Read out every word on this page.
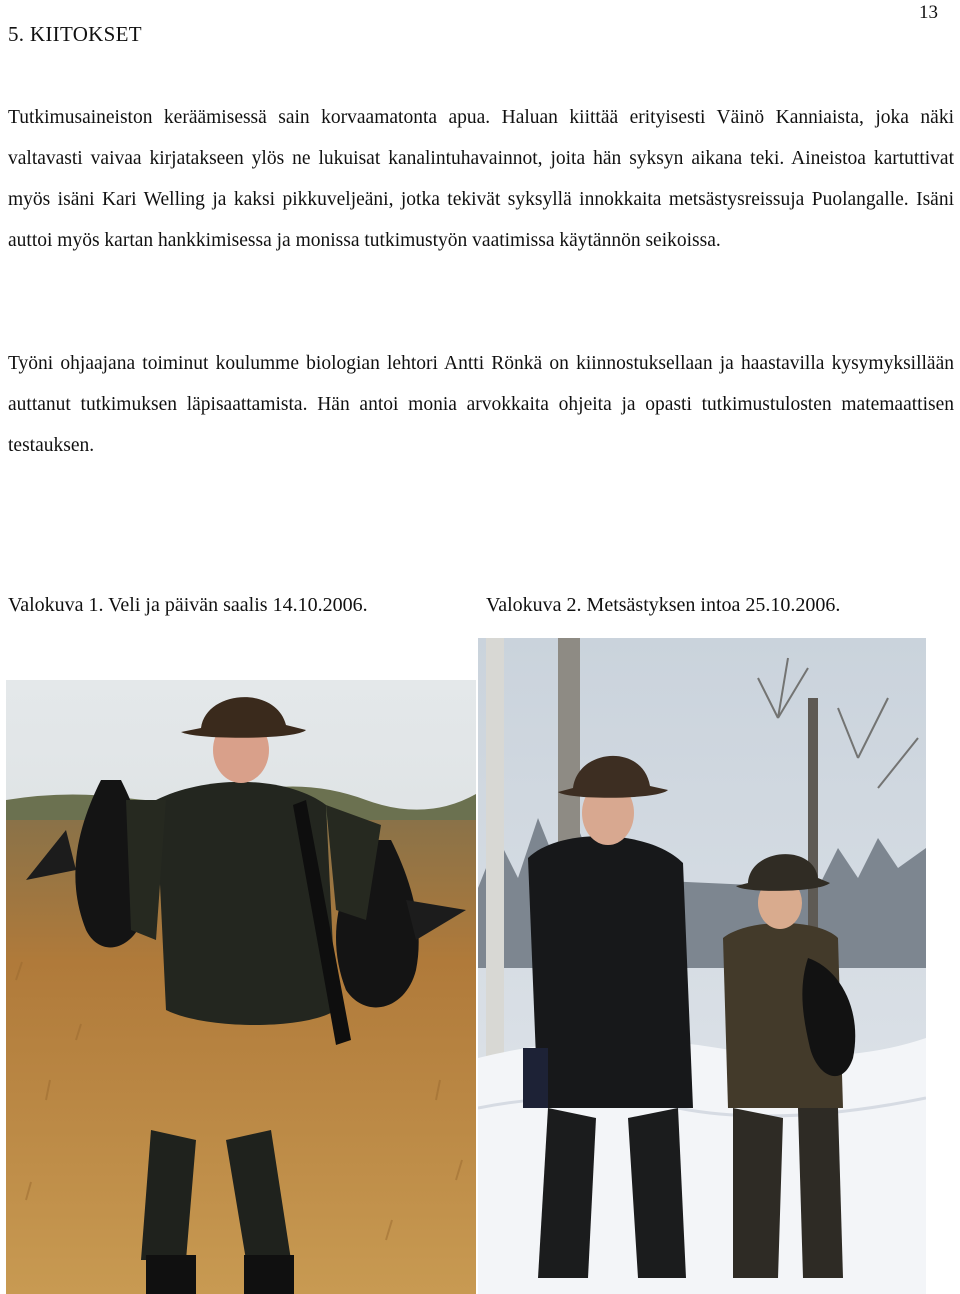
13
5. KIITOKSET

Tutkimusaineiston keräämisessä sain korvaamatonta apua. Haluan kiittää erityisesti Väinö Kanniaista, joka näki valtavasti vaivaa kirjatakseen ylös ne lukuisat kanalintuhavainnot, joita hän syksyn aikana teki. Aineistoa kartuttivat myös isäni Kari Welling ja kaksi pikkuveljeäni, jotka tekivät syksyllä innokkaita metsästysreissuja Puolangalle. Isäni auttoi myös kartan hankkimisessa ja monissa tutkimustyön vaatimissa käytännön seikoissa.

Työni ohjaajana toiminut koulumme biologian lehtori Antti Rönkä on kiinnostuksellaan ja haastavilla kysymyksillään auttanut tutkimuksen läpisaattamista. Hän antoi monia arvokkaita ohjeita ja opasti tutkimustulosten matemaattisen testauksen.

Valokuva 1. Veli ja päivän saalis 14.10.2006.	Valokuva 2. Metsästyksen intoa 25.10.2006.
